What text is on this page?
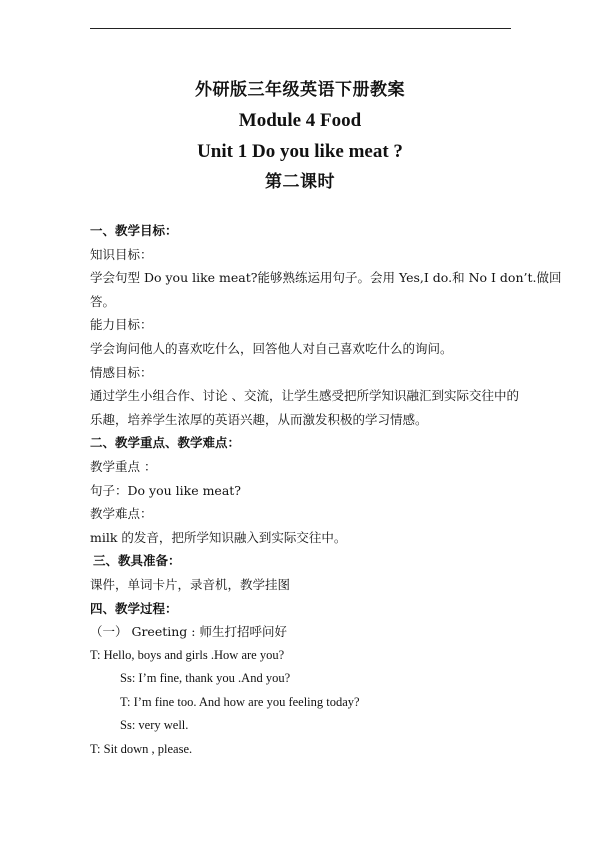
外研版三年级英语下册教案
Module 4 Food
Unit 1 Do you like meat ?
第二课时
一、教学目标：
知识目标：
学会句型 Do you like meat?能够熟练运用句子。会用 Yes,I do.和 No I don’t.做回
答。
能力目标：
学会询问他人的喜欢吃什么，回答他人对自己喜欢吃什么的询问。
情感目标：
通过学生小组合作、讨论 、交流，让学生感受把所学知识融汇到实际交往中的
乐趣，培养学生浓厚的英语兴趣，从而激发积极的学习情感。
二、教学重点、教学难点：
教学重点 ：
句子：Do you like meat?
教学难点：
milk 的发音，把所学知识融入到实际交往中。
三、教具准备：
课件，单词卡片，录音机，教学挂图
四、教学过程：
（一） Greeting : 师生打招呼问好
T: Hello, boys and girls .How are you?
Ss: I’m fine, thank you .And you?
T: I’m fine too. And how are you feeling today?
Ss: very well.
T: Sit down , please.
